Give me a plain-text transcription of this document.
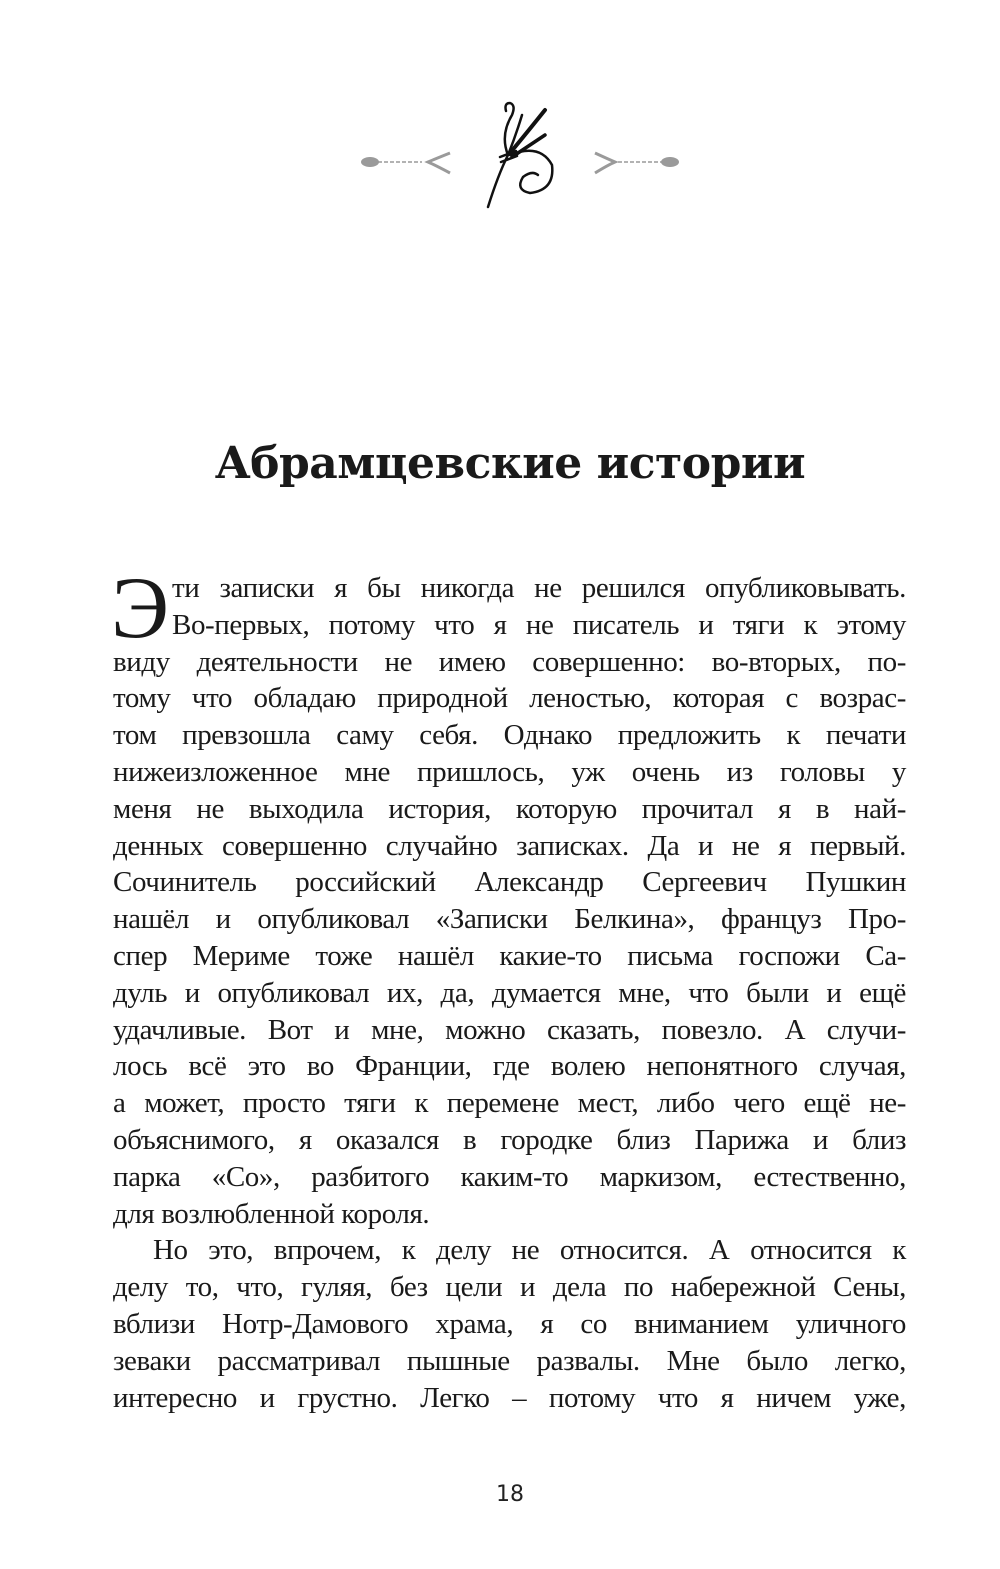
Абрамцевские истории
Э ти записки я бы никогда не решился опубликовывать.
Во-первых, потому что я не писатель и тяги к этому
виду деятельности не имею совершенно: во-вторых, по-
тому что обладаю природной леностью, которая с возрас-
том превзошла саму себя. Однако предложить к печати
нижеизложенное мне пришлось, уж очень из головы у
меня не выходила история, которую прочитал я в най-
денных совершенно случайно записках. Да и не я первый.
Сочинитель российский Александр Сергеевич Пушкин
нашёл и опубликовал «Записки Белкина», француз Про-
спер Мериме тоже нашёл какие-то письма госпожи Са-
дуль и опубликовал их, да, думается мне, что были и ещё
удачливые. Вот и мне, можно сказать, повезло. А случи-
лось всё это во Франции, где волею непонятного случая,
а может, просто тяги к перемене мест, либо чего ещё не-
объяснимого, я оказался в городке близ Парижа и близ
парка «Со», разбитого каким-то маркизом, естественно,
для возлюбленной короля.
Но это, впрочем, к делу не относится. А относится к
делу то, что, гуляя, без цели и дела по набережной Сены,
вблизи Нотр-Дамового храма, я со вниманием уличного
зеваки рассматривал пышные развалы. Мне было легко,
интересно и грустно. Легко – потому что я ничем уже,
18
